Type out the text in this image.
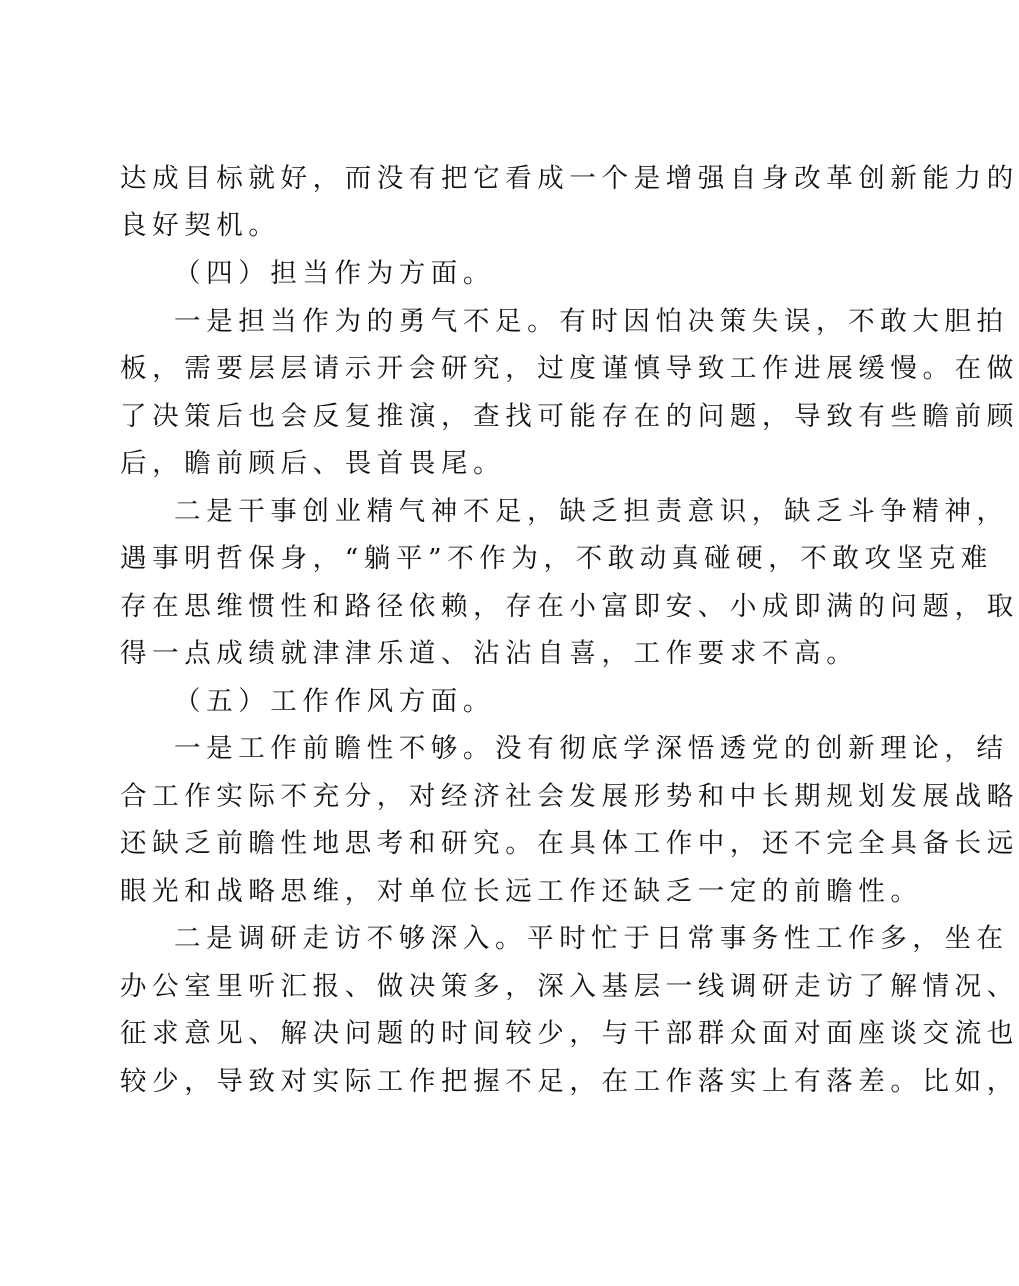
达成目标就好，而没有把它看成一个是增强自身改革创新能力的
良好契机。
（四）担当作为方面。
一是担当作为的勇气不足。有时因怕决策失误，不敢大胆拍
板，需要层层请示开会研究，过度谨慎导致工作进展缓慢。在做
了决策后也会反复推演，查找可能存在的问题，导致有些瞻前顾
后，瞻前顾后、畏首畏尾。
二是干事创业精气神不足，缺乏担责意识，缺乏斗争精神，
遇事明哲保身，“躺平”不作为，不敢动真碰硬，不敢攻坚克难
存在思维惯性和路径依赖，存在小富即安、小成即满的问题，取
得一点成绩就津津乐道、沾沾自喜，工作要求不高。
（五）工作作风方面。
一是工作前瞻性不够。没有彻底学深悟透党的创新理论，结
合工作实际不充分，对经济社会发展形势和中长期规划发展战略
还缺乏前瞻性地思考和研究。在具体工作中，还不完全具备长远
眼光和战略思维，对单位长远工作还缺乏一定的前瞻性。
二是调研走访不够深入。平时忙于日常事务性工作多，坐在
办公室里听汇报、做决策多，深入基层一线调研走访了解情况、
征求意见、解决问题的时间较少，与干部群众面对面座谈交流也
较少，导致对实际工作把握不足，在工作落实上有落差。比如，
